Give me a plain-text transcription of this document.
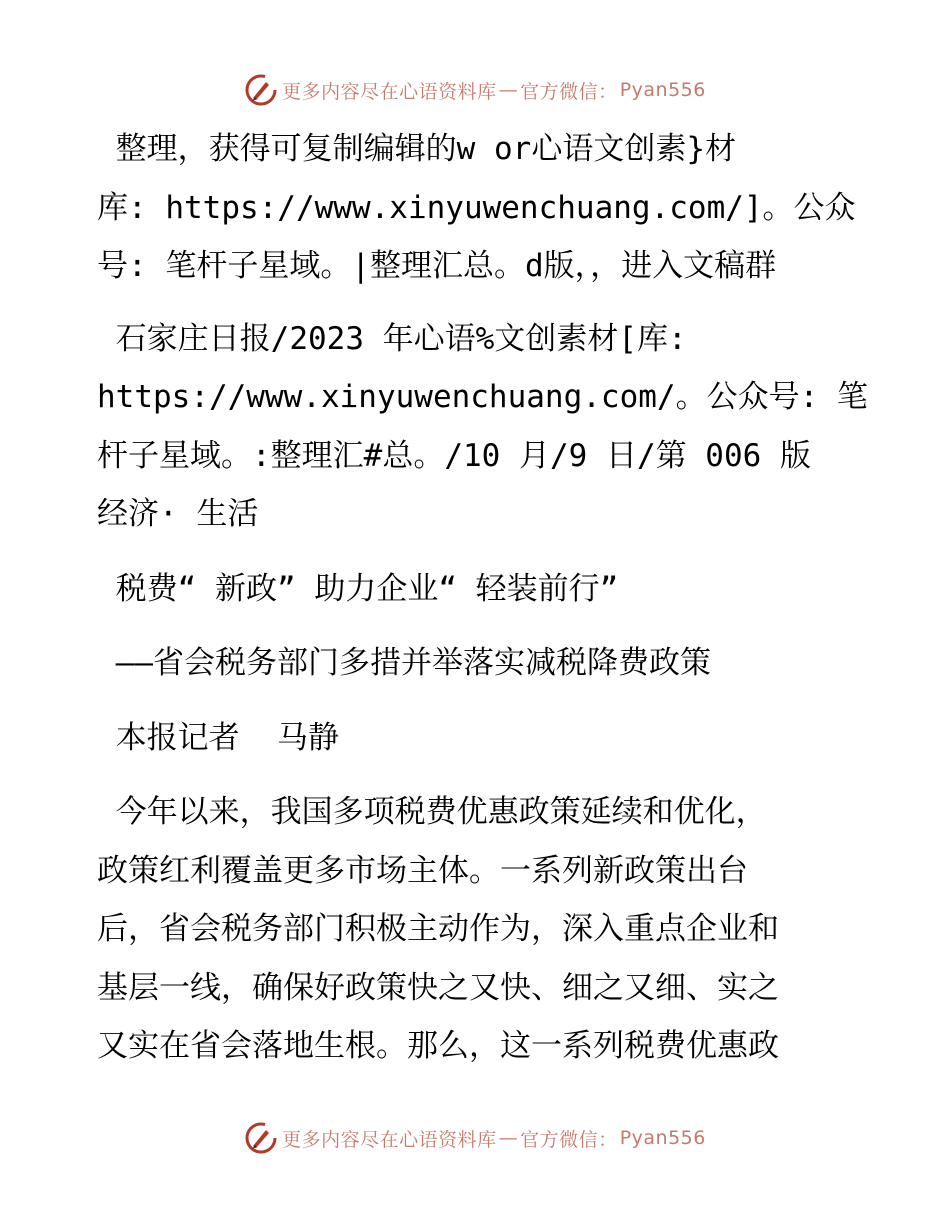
更多内容尽在心语资料库 — 官方微信： Pyan556

整理，获得可复制编辑的w or心语文创素}材
库: https://www.xinyuwenchuang.com/]。公众
号: 笔杆子星域。|整理汇总。d版，，进入文稿群

石家庄日报/2023 年心语%文创素材[库:
https://www.xinyuwenchuang.com/。公众号: 笔
杆子星域。:整理汇#总。/10 月/9 日/第 006 版
经济· 生活

税费“ 新政” 助力企业“ 轻装前行”

——省会税务部门多措并举落实减税降费政策

本报记者  马静

今年以来，我国多项税费优惠政策延续和优化，
政策红利覆盖更多市场主体。一系列新政策出台
后，省会税务部门积极主动作为，深入重点企业和
基层一线，确保好政策快之又快、细之又细、实之
又实在省会落地生根。那么，这一系列税费优惠政

更多内容尽在心语资料库 — 官方微信： Pyan556
